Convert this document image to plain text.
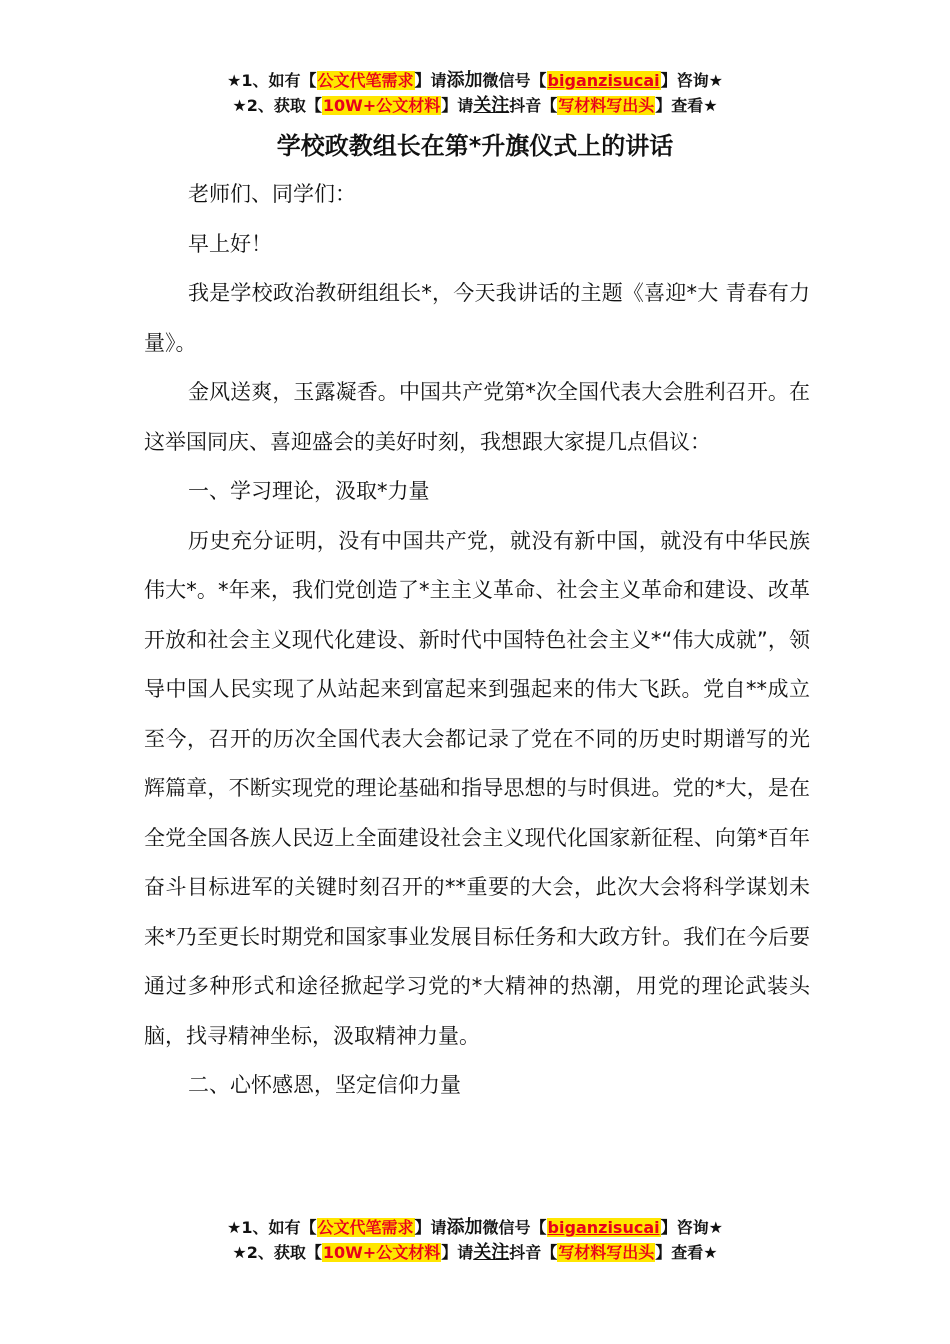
★1、如有【公文代笔需求】请添加微信号【biganzisucai】咨询★
★2、获取【10W+公文材料】请关注抖音【写材料写出头】查看★
学校政教组长在第*升旗仪式上的讲话

老师们、同学们：

早上好！

我是学校政治教研组组长*，今天我讲话的主题《喜迎*大 青春有力量》。

金风送爽，玉露凝香。中国共产党第*次全国代表大会胜利召开。在这举国同庆、喜迎盛会的美好时刻，我想跟大家提几点倡议：

一、学习理论，汲取*力量

历史充分证明，没有中国共产党，就没有新中国，就没有中华民族伟大*。*年来，我们党创造了*主主义革命、社会主义革命和建设、改革开放和社会主义现代化建设、新时代中国特色社会主义*“伟大成就”，领导中国人民实现了从站起来到富起来到强起来的伟大飞跃。党自**成立至今，召开的历次全国代表大会都记录了党在不同的历史时期谱写的光辉篇章，不断实现党的理论基础和指导思想的与时俱进。党的*大，是在全党全国各族人民迈上全面建设社会主义现代化国家新征程、向第*百年奋斗目标进军的关键时刻召开的**重要的大会，此次大会将科学谋划未来*乃至更长时期党和国家事业发展目标任务和大政方针。我们在今后要通过多种形式和途径掀起学习党的*大精神的热潮，用党的理论武装头脑，找寻精神坐标，汲取精神力量。

二、心怀感恩，坚定信仰力量

★1、如有【公文代笔需求】请添加微信号【biganzisucai】咨询★
★2、获取【10W+公文材料】请关注抖音【写材料写出头】查看★
